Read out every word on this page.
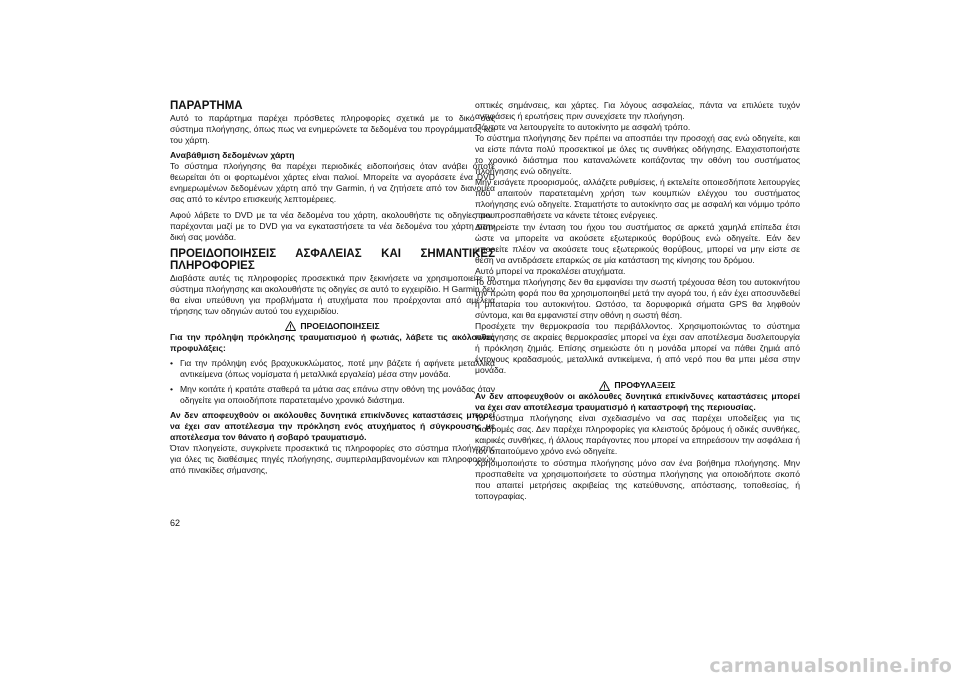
ΠΑΡΑΡΤΗΜΑ

Αυτό το παράρτημα παρέχει πρόσθετες πληροφορίες σχετικά με το δικό σας σύστημα πλοήγησης, όπως πως να ενημερώνετε τα δεδομένα του προγράμματος και του χάρτη.

Αναβάθμιση δεδομένων χάρτη

Το σύστημα πλοήγησης θα παρέχει περιοδικές ειδοποιήσεις όταν ανάβει όποτε θεωρείται ότι οι φορτωμένοι χάρτες είναι παλιοί. Μπορείτε να αγοράσετε ένα DVD ενημερωμένων δεδομένων χάρτη από την Garmin, ή να ζητήσετε από τον διανομέα σας από το κέντρο επισκευής λεπτομέρειες.

Αφού λάβετε το DVD με τα νέα δεδομένα του χάρτη, ακολουθήστε τις οδηγίες που παρέχονται μαζί με το DVD για να εγκαταστήσετε τα νέα δεδομένα του χάρτη στην δική σας μονάδα.

ΠΡΟΕΙΔΟΠΟΙΗΣΕΙΣ ΑΣΦΑΛΕΙΑΣ ΚΑΙ ΣΗΜΑΝΤΙΚΕΣ ΠΛΗΡΟΦΟΡΙΕΣ

Διαβάστε αυτές τις πληροφορίες προσεκτικά πριν ξεκινήσετε να χρησιμοποιείτε το σύστημα πλοήγησης και ακολουθήστε τις οδηγίες σε αυτό το εγχειρίδιο. Η Garmin δεν θα είναι υπεύθυνη για προβλήματα ή ατυχήματα που προέρχονται από αμέλεια τήρησης των οδηγιών αυτού του εγχειριδίου.

ΠΡΟΕΙΔΟΠΟΙΗΣΕΙΣ

Για την πρόληψη πρόκλησης τραυματισμού ή φωτιάς, λάβετε τις ακόλουθες προφυλάξεις:

• Για την πρόληψη ενός βραχυκυκλώματος, ποτέ μην βάζετε ή αφήνετε μεταλλικά αντικείμενα (όπως νομίσματα ή μεταλλικά εργαλεία) μέσα στην μονάδα.
• Μην κοιτάτε ή κρατάτε σταθερά τα μάτια σας επάνω στην οθόνη της μονάδας όταν οδηγείτε για οποιοδήποτε παρατεταμένο χρονικό διάστημα.

Αν δεν αποφευχθούν οι ακόλουθες δυνητικά επικίνδυνες καταστάσεις μπορεί να έχει σαν αποτέλεσμα την πρόκληση ενός ατυχήματος ή σύγκρουσης με αποτέλεσμα τον θάνατο ή σοβαρό τραυματισμό.

Όταν πλοηγείστε, συγκρίνετε προσεκτικά τις πληροφορίες στο σύστημα πλοήγησης για όλες τις διαθέσιμες πηγές πλοήγησης, συμπεριλαμβανομένων και πληροφοριών από πινακίδες σήμανσης,

οπτικές σημάνσεις, και χάρτες. Για λόγους ασφαλείας, πάντα να επιλύετε τυχόν αντιφάσεις ή ερωτήσεις πριν συνεχίσετε την πλοήγηση.

Πάντοτε να λειτουργείτε το αυτοκίνητο με ασφαλή τρόπο.

Το σύστημα πλοήγησης δεν πρέπει να αποσπάει την προσοχή σας ενώ οδηγείτε, και να είστε πάντα πολύ προσεκτικοί με όλες τις συνθήκες οδήγησης. Ελαχιστοποιήστε το χρονικό διάστημα που καταναλώνετε κοιτάζοντας την οθόνη του συστήματος πλοήγησης ενώ οδηγείτε.

Μην εισάγετε προορισμούς, αλλάζετε ρυθμίσεις, ή εκτελείτε οποιεσδήποτε λειτουργίες που απαιτούν παρατεταμένη χρήση των κουμπιών ελέγχου του συστήματος πλοήγησης ενώ οδηγείτε. Σταματήστε το αυτοκίνητο σας με ασφαλή και νόμιμο τρόπο πριν προσπαθήσετε να κάνετε τέτοιες ενέργειες.

Διατηρείστε την ένταση του ήχου του συστήματος σε αρκετά χαμηλά επίπεδα έτσι ώστε να μπορείτε να ακούσετε εξωτερικούς θορύβους ενώ οδηγείτε. Εάν δεν μπορείτε πλέον να ακούσετε τους εξωτερικούς θορύβους, μπορεί να μην είστε σε θέση να αντιδράσετε επαρκώς σε μία κατάσταση της κίνησης του δρόμου.

Αυτό μπορεί να προκαλέσει ατυχήματα.

Το σύστημα πλοήγησης δεν θα εμφανίσει την σωστή τρέχουσα θέση του αυτοκινήτου την πρώτη φορά που θα χρησιμοποιηθεί μετά την αγορά του, ή εάν έχει αποσυνδεθεί η μπαταρία του αυτοκινήτου. Ωστόσο, τα δορυφορικά σήματα GPS θα ληφθούν σύντομα, και θα εμφανιστεί στην οθόνη η σωστή θέση.

Προσέχετε την θερμοκρασία του περιβάλλοντος. Χρησιμοποιώντας το σύστημα πλοήγησης σε ακραίες θερμοκρασίες μπορεί να έχει σαν αποτέλεσμα δυσλειτουργία ή πρόκληση ζημιάς. Επίσης σημειώστε ότι η μονάδα μπορεί να πάθει ζημιά από έντονους κραδασμούς, μεταλλικά αντικείμενα, ή από νερό που θα μπει μέσα στην μονάδα.

ΠΡΟΦΥΛΑΞΕΙΣ

Αν δεν αποφευχθούν οι ακόλουθες δυνητικά επικίνδυνες καταστάσεις μπορεί να έχει σαν αποτέλεσμα τραυματισμό ή καταστροφή της περιουσίας.

Το σύστημα πλοήγησης είναι σχεδιασμένο να σας παρέχει υποδείξεις για τις διαδρομές σας. Δεν παρέχει πληροφορίες για κλειστούς δρόμους ή οδικές συνθήκες, καιρικές συνθήκες, ή άλλους παράγοντες που μπορεί να επηρεάσουν την ασφάλεια ή τον απαιτούμενο χρόνο ενώ οδηγείτε.

Χρησιμοποιήστε το σύστημα πλοήγησης μόνο σαν ένα βοήθημα πλοήγησης. Μην προσπαθείτε να χρησιμοποιήσετε το σύστημα πλοήγησης για οποιοδήποτε σκοπό που απαιτεί μετρήσεις ακριβείας της κατεύθυνσης, απόστασης, τοποθεσίας, ή τοπογραφίας.

62
carmanualsonline.info
